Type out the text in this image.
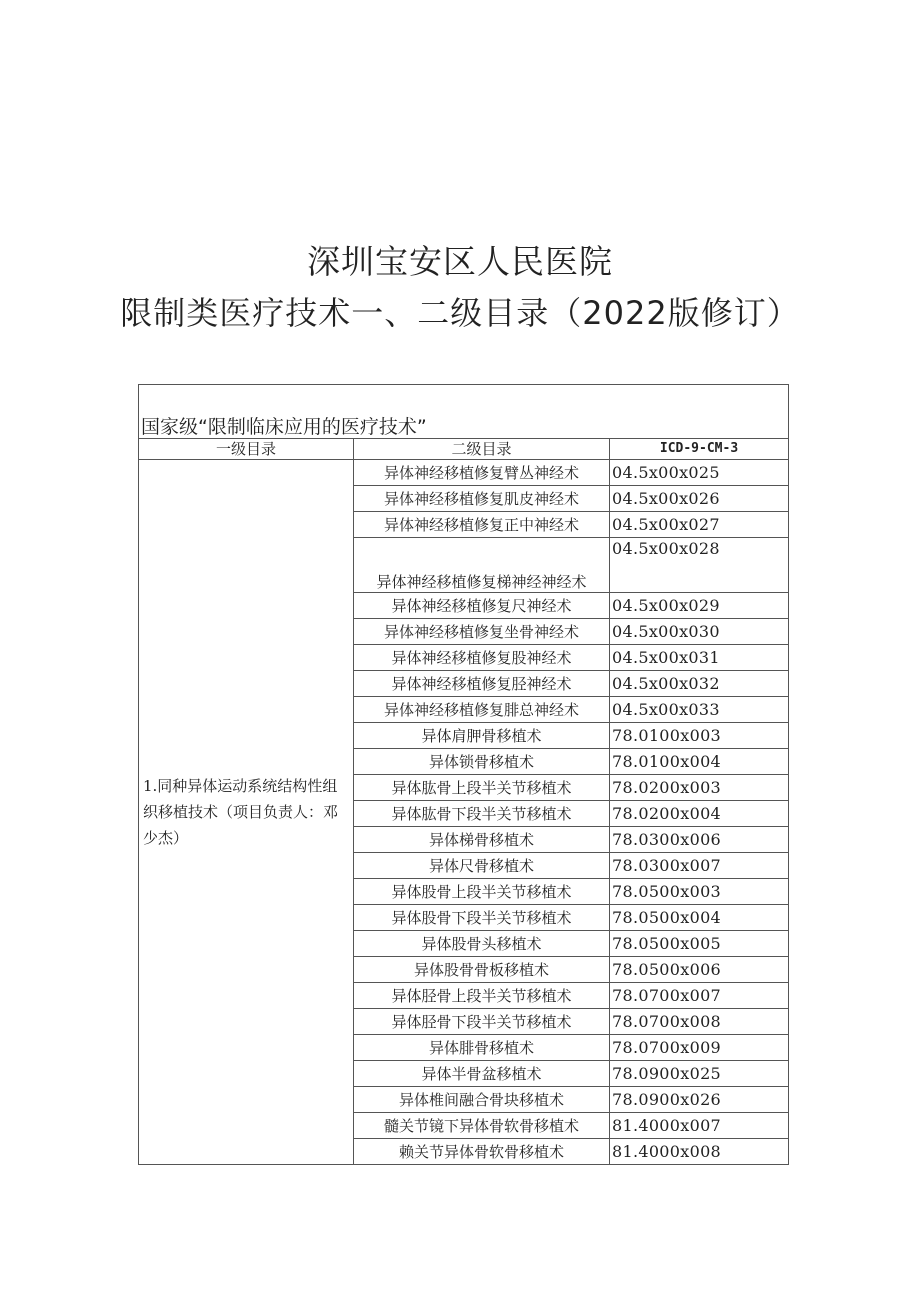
深圳宝安区人民医院
限制类医疗技术一、二级目录（2022版修订）
国家级“限制临床应用的医疗技术”		
一级目录	二级目录	ICD-9-CM-3
1.同种异体运动系统结构性组织移植技术（项目负责人：邓少杰）	异体神经移植修复臂丛神经术	04.5x00x025
	异体神经移植修复肌皮神经术	04.5x00x026
	异体神经移植修复正中神经术	04.5x00x027
	异体神经移植修复梯神经神经术	04.5x00x028
	异体神经移植修复尺神经术	04.5x00x029
	异体神经移植修复坐骨神经术	04.5x00x030
	异体神经移植修复股神经术	04.5x00x031
	异体神经移植修复胫神经术	04.5x00x032
	异体神经移植修复腓总神经术	04.5x00x033
	异体肩胛骨移植术	78.0100x003
	异体锁骨移植术	78.0100x004
	异体肱骨上段半关节移植术	78.0200x003
	异体肱骨下段半关节移植术	78.0200x004
	异体梯骨移植术	78.0300x006
	异体尺骨移植术	78.0300x007
	异体股骨上段半关节移植术	78.0500x003
	异体股骨下段半关节移植术	78.0500x004
	异体股骨头移植术	78.0500x005
	异体股骨骨板移植术	78.0500x006
	异体胫骨上段半关节移植术	78.0700x007
	异体胫骨下段半关节移植术	78.0700x008
	异体腓骨移植术	78.0700x009
	异体半骨盆移植术	78.0900x025
	异体椎间融合骨块移植术	78.0900x026
	髓关节镜下异体骨软骨移植术	81.4000x007
	赖关节异体骨软骨移植术	81.4000x008
